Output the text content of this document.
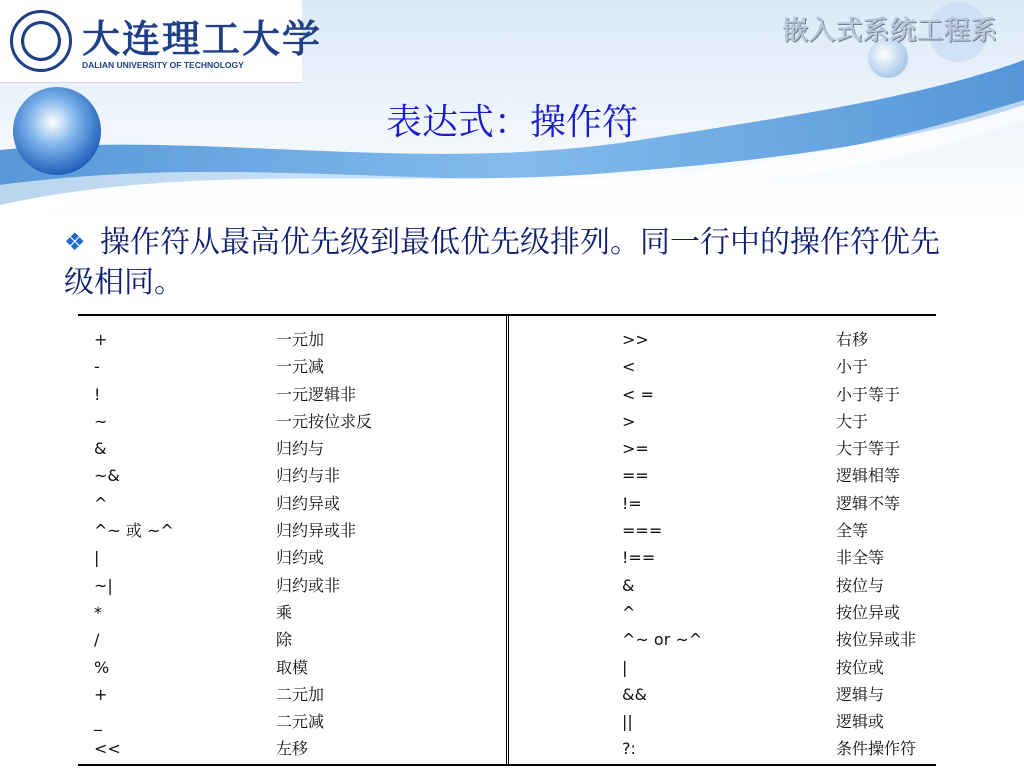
大连理工大学
DALIAN UNIVERSITY OF TECHNOLOGY
嵌入式系统工程系
表达式：操作符
❖ 操作符从最高优先级到最低优先级排列。同一行中的操作符优先级相同。
+
-
!
~
&
~&
^
^~ 或 ~^
|
~|
*
/
%
+
_
<<
一元加
一元减
一元逻辑非
一元按位求反
归约与
归约与非
归约异或
归约异或非
归约或
归约或非
乘
除
取模
二元加
二元减
左移
>>
<
< =
>
>=
==
!=
===
!==
&
^
^~ or ~^
|
&&
||
?:
右移
小于
小于等于
大于
大于等于
逻辑相等
逻辑不等
全等
非全等
按位与
按位异或
按位异或非
按位或
逻辑与
逻辑或
条件操作符
